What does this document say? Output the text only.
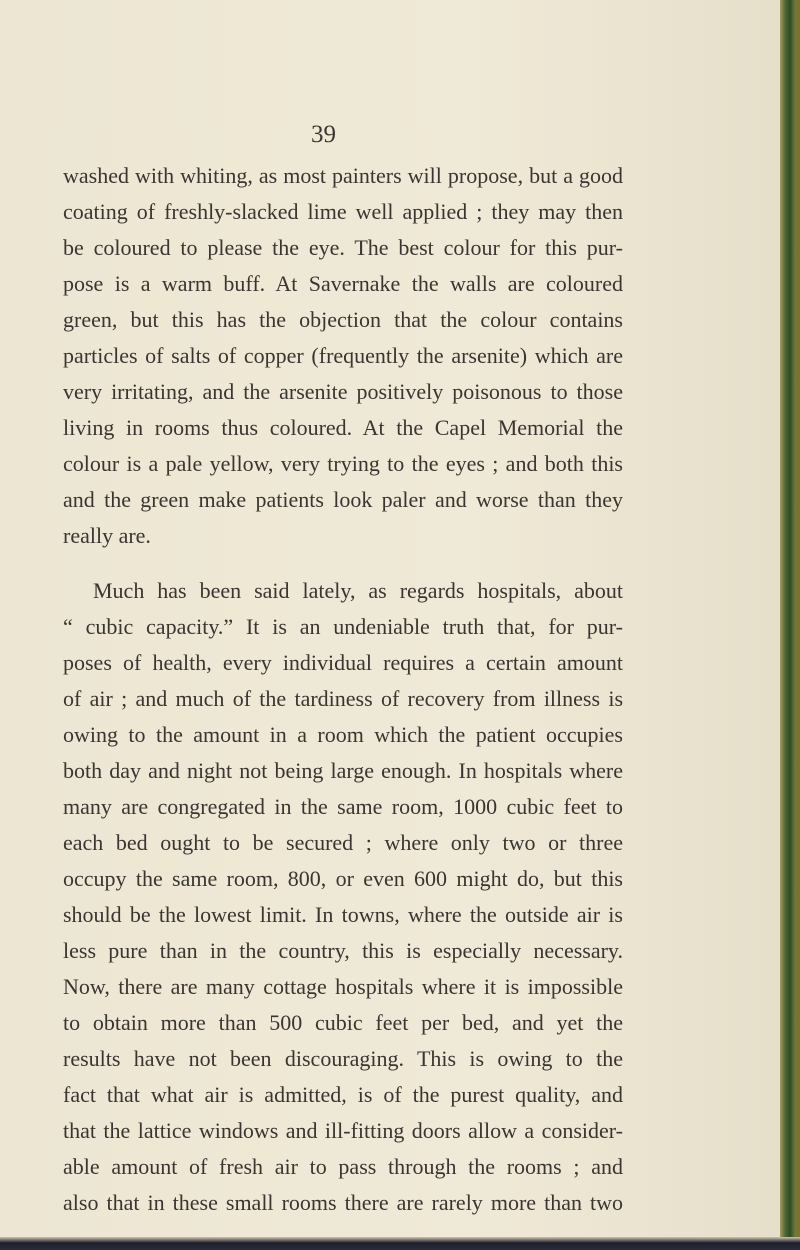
39
washed with whiting, as most painters will propose, but a good
coating of freshly-slacked lime well applied ; they may then
be coloured to please the eye. The best colour for this pur-
pose is a warm buff. At Savernake the walls are coloured
green, but this has the objection that the colour contains
particles of salts of copper (frequently the arsenite) which are
very irritating, and the arsenite positively poisonous to those
living in rooms thus coloured. At the Capel Memorial the
colour is a pale yellow, very trying to the eyes ; and both this
and the green make patients look paler and worse than they
really are.
Much has been said lately, as regards hospitals, about
“ cubic capacity.” It is an undeniable truth that, for pur-
poses of health, every individual requires a certain amount
of air ; and much of the tardiness of recovery from illness is
owing to the amount in a room which the patient occupies
both day and night not being large enough. In hospitals where
many are congregated in the same room, 1000 cubic feet to
each bed ought to be secured ; where only two or three
occupy the same room, 800, or even 600 might do, but this
should be the lowest limit. In towns, where the outside air is
less pure than in the country, this is especially necessary.
Now, there are many cottage hospitals where it is impossible
to obtain more than 500 cubic feet per bed, and yet the
results have not been discouraging. This is owing to the
fact that what air is admitted, is of the purest quality, and
that the lattice windows and ill-fitting doors allow a consider-
able amount of fresh air to pass through the rooms ; and
also that in these small rooms there are rarely more than two
